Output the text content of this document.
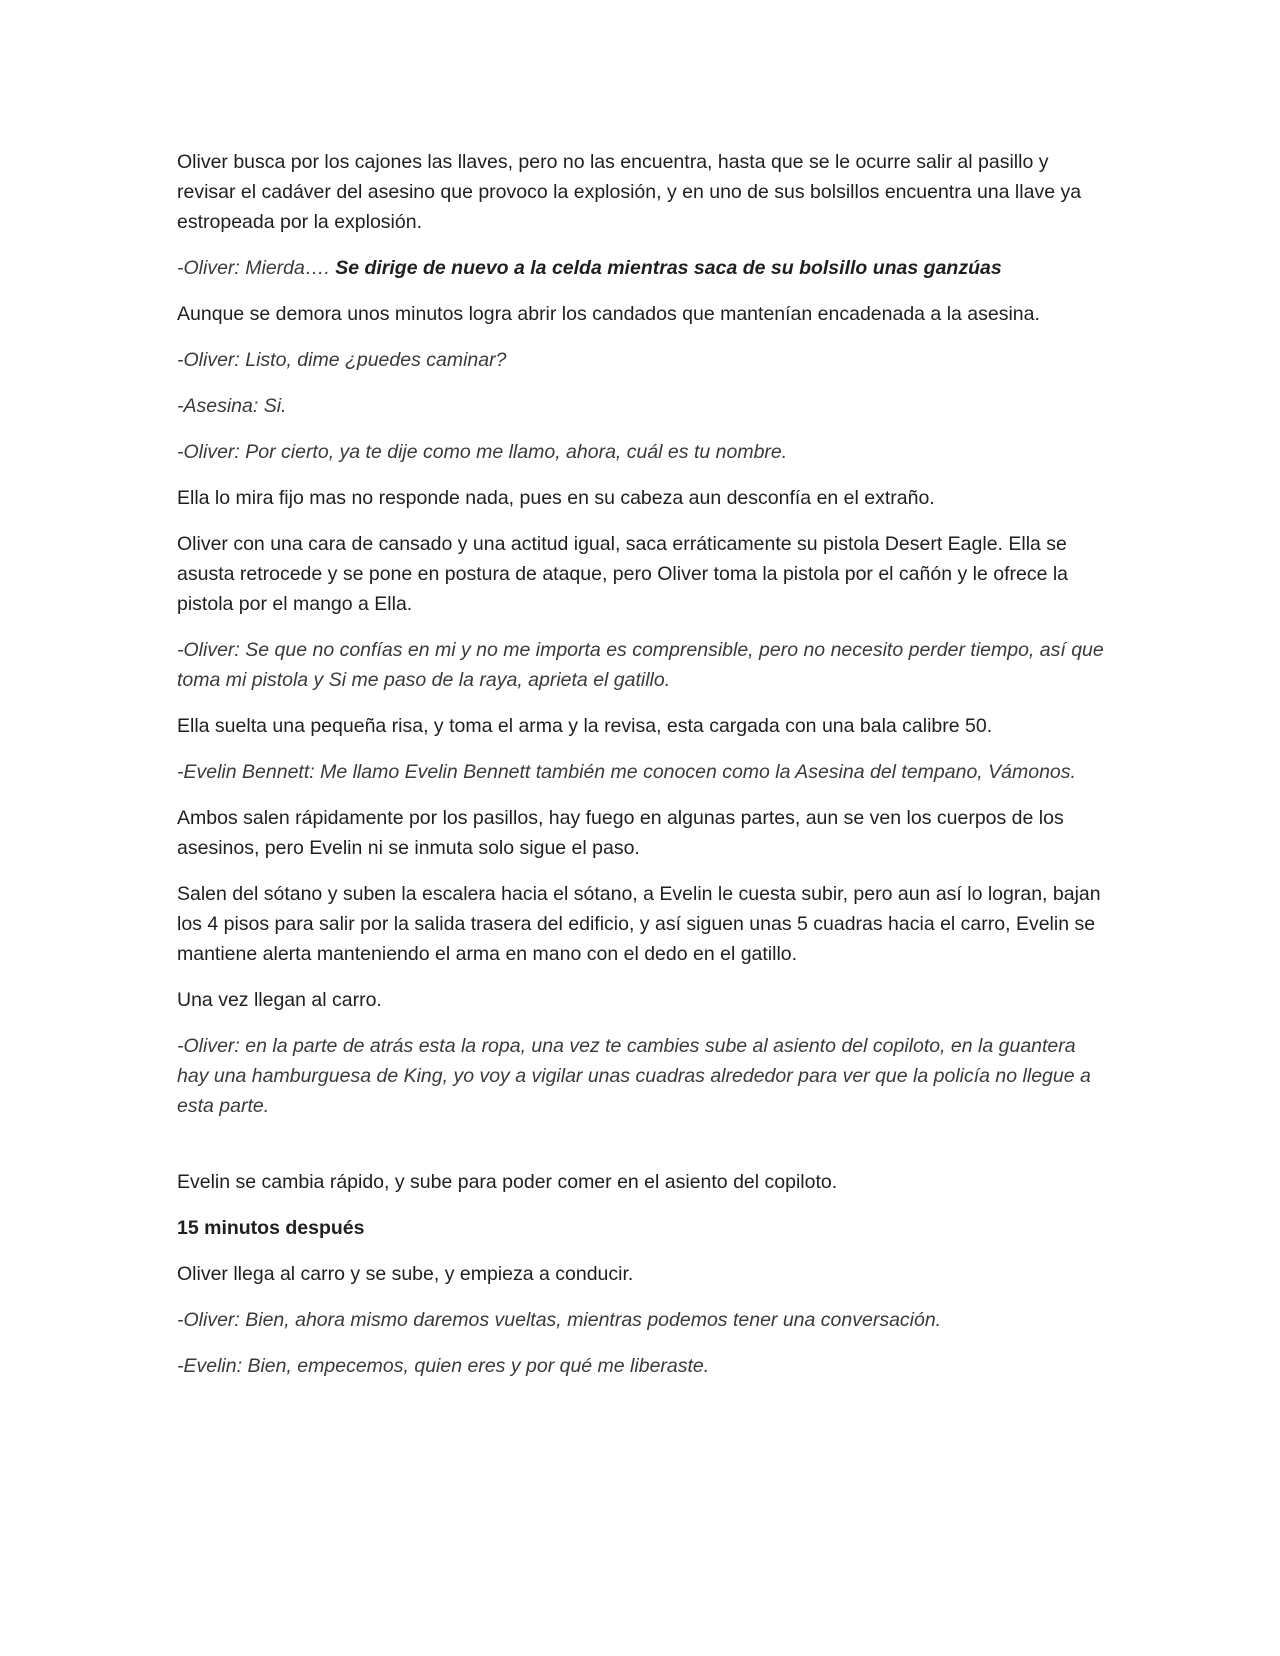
Oliver busca por los cajones las llaves, pero no las encuentra, hasta que se le ocurre salir al pasillo y revisar el cadáver del asesino que provoco la explosión, y en uno de sus bolsillos encuentra una llave ya estropeada por la explosión.

-Oliver: Mierda…. Se dirige de nuevo a la celda mientras saca de su bolsillo unas ganzúas

Aunque se demora unos minutos logra abrir los candados que mantenían encadenada a la asesina.

-Oliver: Listo, dime ¿puedes caminar?

-Asesina: Si.

-Oliver: Por cierto, ya te dije como me llamo, ahora, cuál es tu nombre.

Ella lo mira fijo mas no responde nada, pues en su cabeza aun desconfía en el extraño.

Oliver con una cara de cansado y una actitud igual, saca erráticamente su pistola Desert Eagle. Ella se asusta retrocede y se pone en postura de ataque, pero Oliver toma la pistola por el cañón y le ofrece la pistola por el mango a Ella.

-Oliver: Se que no confías en mi y no me importa es comprensible, pero no necesito perder tiempo, así que toma mi pistola y Si me paso de la raya, aprieta el gatillo.

Ella suelta una pequeña risa, y toma el arma y la revisa, esta cargada con una bala calibre 50.

-Evelin Bennett: Me llamo Evelin Bennett también me conocen como la Asesina del tempano, Vámonos.

Ambos salen rápidamente por los pasillos, hay fuego en algunas partes, aun se ven los cuerpos de los asesinos, pero Evelin ni se inmuta solo sigue el paso.

Salen del sótano y suben la escalera hacia el sótano, a Evelin le cuesta subir, pero aun así lo logran, bajan los 4 pisos para salir por la salida trasera del edificio, y así siguen unas 5 cuadras hacia el carro, Evelin se mantiene alerta manteniendo el arma en mano con el dedo en el gatillo.

Una vez llegan al carro.

-Oliver: en la parte de atrás esta la ropa, una vez te cambies sube al asiento del copiloto, en la guantera hay una hamburguesa de King, yo voy a vigilar unas cuadras alrededor para ver que la policía no llegue a esta parte.

Evelin se cambia rápido, y sube para poder comer en el asiento del copiloto.

15 minutos después

Oliver llega al carro y se sube, y empieza a conducir.

-Oliver: Bien, ahora mismo daremos vueltas, mientras podemos tener una conversación.

-Evelin: Bien, empecemos, quien eres y por qué me liberaste.
